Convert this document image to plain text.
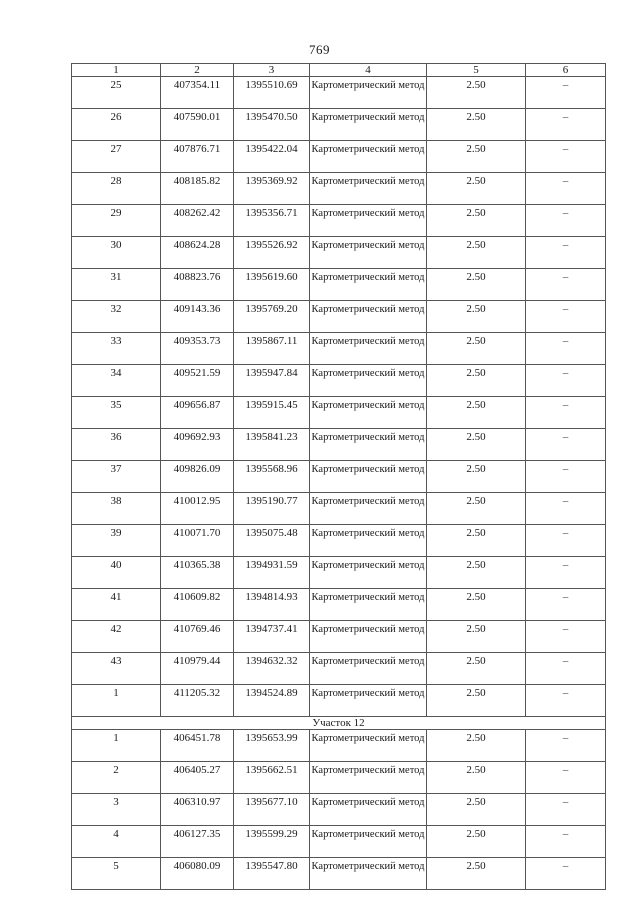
769
1	2	3	4	5	6
25	407354.11	1395510.69	Картометрический метод	2.50	–
26	407590.01	1395470.50	Картометрический метод	2.50	–
27	407876.71	1395422.04	Картометрический метод	2.50	–
28	408185.82	1395369.92	Картометрический метод	2.50	–
29	408262.42	1395356.71	Картометрический метод	2.50	–
30	408624.28	1395526.92	Картометрический метод	2.50	–
31	408823.76	1395619.60	Картометрический метод	2.50	–
32	409143.36	1395769.20	Картометрический метод	2.50	–
33	409353.73	1395867.11	Картометрический метод	2.50	–
34	409521.59	1395947.84	Картометрический метод	2.50	–
35	409656.87	1395915.45	Картометрический метод	2.50	–
36	409692.93	1395841.23	Картометрический метод	2.50	–
37	409826.09	1395568.96	Картометрический метод	2.50	–
38	410012.95	1395190.77	Картометрический метод	2.50	–
39	410071.70	1395075.48	Картометрический метод	2.50	–
40	410365.38	1394931.59	Картометрический метод	2.50	–
41	410609.82	1394814.93	Картометрический метод	2.50	–
42	410769.46	1394737.41	Картометрический метод	2.50	–
43	410979.44	1394632.32	Картометрический метод	2.50	–
1	411205.32	1394524.89	Картометрический метод	2.50	–
Участок 12					
1	406451.78	1395653.99	Картометрический метод	2.50	–
2	406405.27	1395662.51	Картометрический метод	2.50	–
3	406310.97	1395677.10	Картометрический метод	2.50	–
4	406127.35	1395599.29	Картометрический метод	2.50	–
5	406080.09	1395547.80	Картометрический метод	2.50	–
